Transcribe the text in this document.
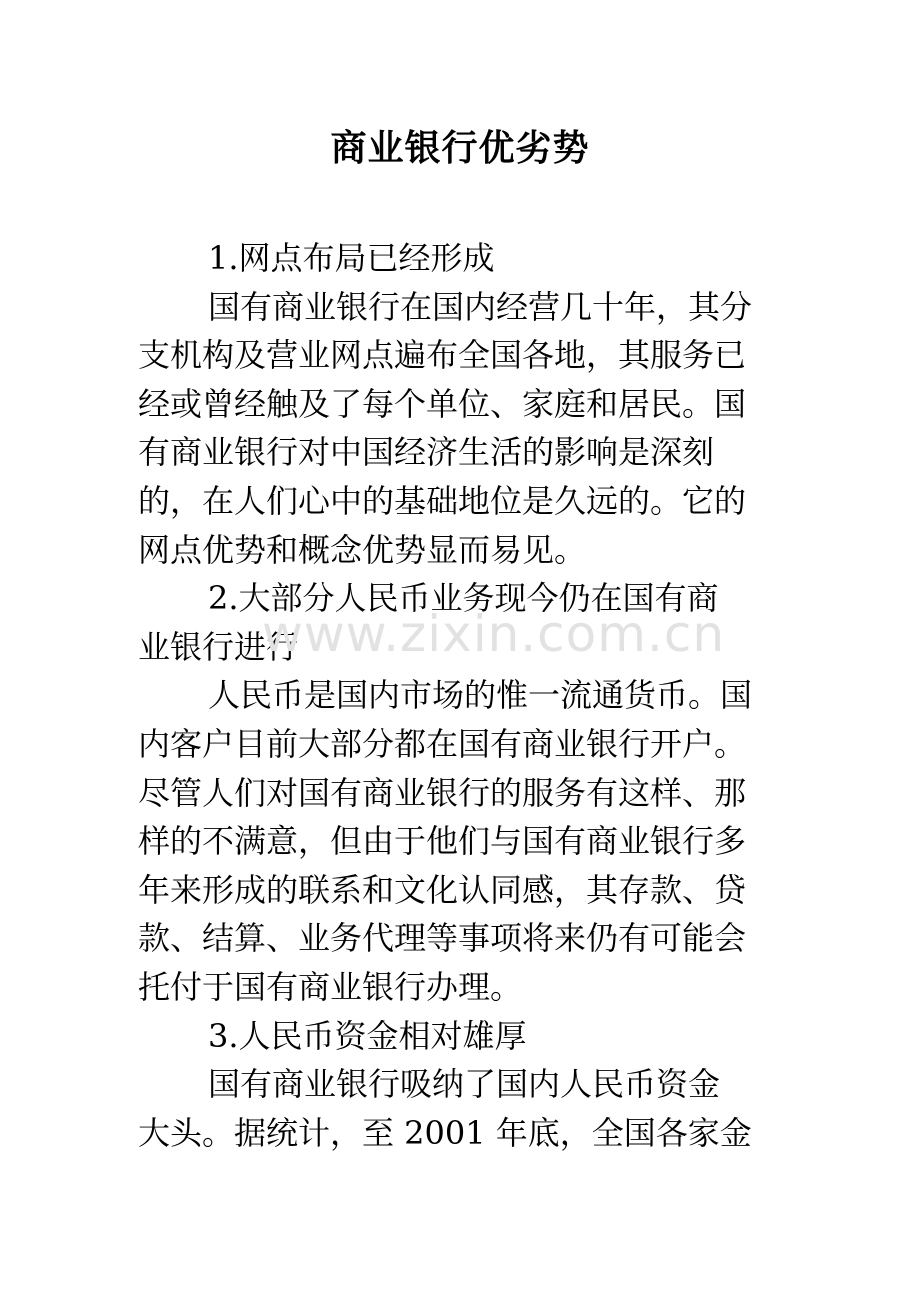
商业银行优劣势
1.网点布局已经形成
国有商业银行在国内经营几十年，其分
支机构及营业网点遍布全国各地，其服务已
经或曾经触及了每个单位、家庭和居民。国
有商业银行对中国经济生活的影响是深刻
的，在人们心中的基础地位是久远的。它的
网点优势和概念优势显而易见。
2.大部分人民币业务现今仍在国有商
业银行进行
人民币是国内市场的惟一流通货币。国
内客户目前大部分都在国有商业银行开户。
尽管人们对国有商业银行的服务有这样、那
样的不满意，但由于他们与国有商业银行多
年来形成的联系和文化认同感，其存款、贷
款、结算、业务代理等事项将来仍有可能会
托付于国有商业银行办理。
3.人民币资金相对雄厚
国有商业银行吸纳了国内人民币资金
大头。据统计，至 2001 年底，全国各家金
www.zixin.com.cn
